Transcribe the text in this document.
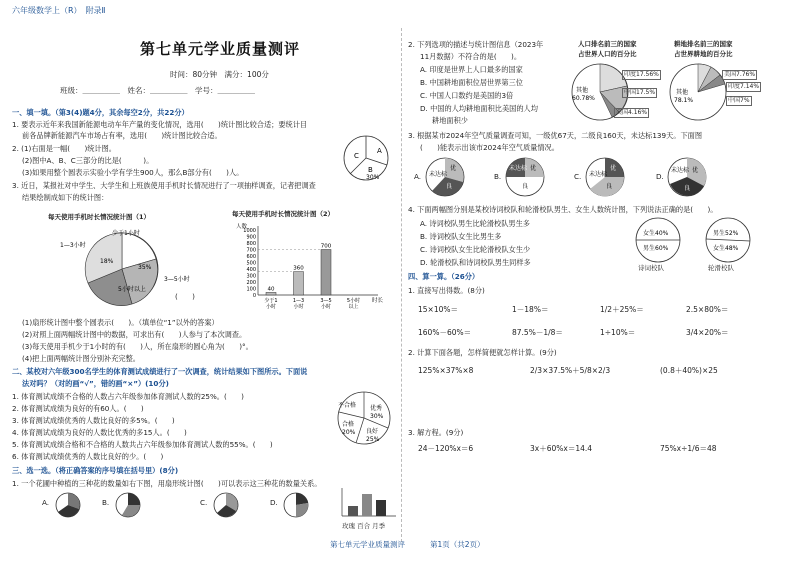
六年级数学上（R）　 附录Ⅱ
第七单元学业质量测评
时间：80分钟　满分：100分
班级：＿＿＿＿＿　姓名：＿＿＿＿＿　学号：＿＿＿＿＿
一、填一填。（第3(4)题4分，其余每空2分，共22分）
1. 要表示近年来我国新能源电动车年产量的变化情况，选用(　　)统计图比较合适；要统计目
前各品牌新能源汽车市场占有率，选用(　　)统计图比较合适。
2. (1)右面是一幅(　　)统计图。
(2)图中A、B、C三部分的比是(　　　)。
(3)如果用整个圆表示实验小学有学生900人，那么B部分有(　　)人。
A
C
B
30%
3. 近日，某报社对中学生、大学生和上班族使用手机时长情况进行了一项抽样调查，记者把调查
结果绘制成如下的统计图：
每天使用手机时长情况统计图（1）
少于1小时
1—3小时
3—5小时
5小时以上
18%
35%
(　　)
每天使用手机时长情况统计图（2）
人数
时长
0
100
200
300
400
500
600
700
800
900
1000
40
少于1
小时
360
1—3
小时
700
3—5
小时
5小时
以上
(1)扇形统计图中整个圆表示(　　)。（填单位“1”以外的答案）
(2)对照上面两幅统计图中的数据，可求出有(　　)人参与了本次调查。
(3)每天使用手机少于1小时的有(　　)人，所在扇形的圆心角为(　　)°。
(4)把上面两幅统计图分别补充完整。
二、某校对六年级300名学生的体育测试成绩进行了一次调查，统计结果如下图所示。下面说
法对吗？（对的画“√”，错的画“×”）(10分)
1. 体育测试成绩不合格的人数占六年级参加体育测试人数的25%。(　　)
2. 体育测试成绩为良好的有60人。(　　)
3. 体育测试成绩优秀的人数比良好的多5%。(　　)
4. 体育测试成绩为良好的人数比优秀的多15人。(　　)
5. 体育测试成绩合格和不合格的人数共占六年级参加体育测试人数的55%。(　　)
6. 体育测试成绩优秀的人数比良好的少。(　　)
优秀
30%
不合格
合格
20% 良好
25%
三、选一选。（将正确答案的序号填在括号里）(8分)
1. 一个花圃中种植的三种花的数量如右下图，用扇形统计图(　　)可以表示这三种花的数量关系。
A.	B.	C.	D.
玫瑰 百合 月季
2. 下列选项的描述与统计图信息（2023年
11月数据）不符合的是(　　)。
A. 印度是世界上人口最多的国家
B. 中国耕地面积位居世界第三位
C. 中国人口数约是美国的3倍
D. 中国的人均耕地面积比美国的人均
耕地面积少
人口排名前三的国家
占世界人口的百分比
其他
60.78%
印度17.56%
中国17.5%
美国4.16%
耕地排名前三的国家
占世界耕地的百分比
其他
78.1%
美国7.76%
印度7.14%
中国7%
3. 根据某市2024年空气质量调查可知，一级优67天，二级良160天，未达标139天。下面图
(　　)能表示出该市2024年空气质量情况。
A.
优
未达标
良
B.
优
未达标
良
C.
优
未达标
良
D.
优
未达标
良
4. 下面两幅图分别是某校诗词校队和轮滑校队男生、女生人数统计图，下列说法正确的是(　　)。
A. 诗词校队男生比轮滑校队男生多
B. 诗词校队女生比男生多
C. 诗词校队女生比轮滑校队女生少
D. 轮滑校队和诗词校队男生同样多
女生40%
男生60%
诗词校队
男生52%
女生48%
轮滑校队
四、算一算。（26分）
1. 直接写出得数。(8分)
15×10%＝	1－18%＝	1/2＋25%＝	2.5×80%＝
160%－60%＝	87.5%－1/8＝	1÷10%＝	3/4×20%＝
2. 计算下面各题，怎样简便就怎样计算。(9分)
125%×37%×8	2/3×37.5%＋5/8×2/3	(0.8＋40%)×25
3. 解方程。(9分)
24－120%x＝6	3x＋60%x＝14.4	75%x÷1/6＝48
第七单元学业质量测评	第1页（共2页）
